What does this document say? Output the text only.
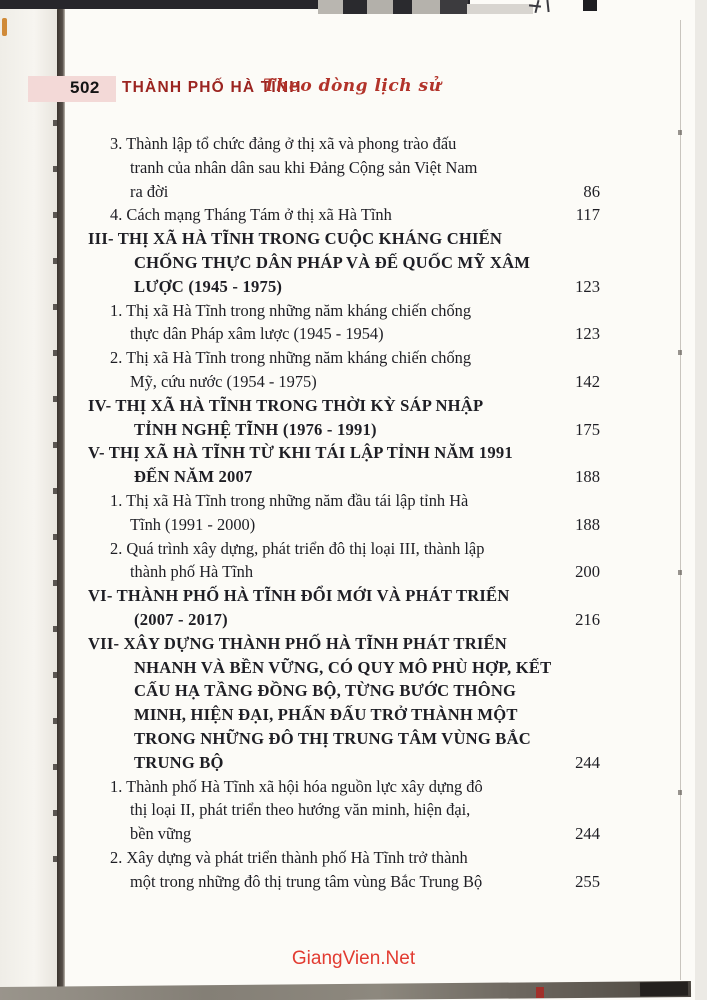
502 THÀNH PHỐ HÀ TĨNH
Theo dòng lịch sử
3. Thành lập tổ chức đảng ở thị xã và phong trào đấu
tranh của nhân dân sau khi Đảng Cộng sản Việt Nam
ra đời	86
4. Cách mạng Tháng Tám ở thị xã Hà Tĩnh	117
III- THỊ XÃ HÀ TĨNH TRONG CUỘC KHÁNG CHIẾN
CHỐNG THỰC DÂN PHÁP VÀ ĐẾ QUỐC MỸ XÂM
LƯỢC (1945 - 1975)	123
1. Thị xã Hà Tĩnh trong những năm kháng chiến chống
thực dân Pháp xâm lược (1945 - 1954)	123
2. Thị xã Hà Tĩnh trong những năm kháng chiến chống
Mỹ, cứu nước (1954 - 1975)	142
IV- THỊ XÃ HÀ TĨNH TRONG THỜI KỲ SÁP NHẬP
TỈNH NGHỆ TĨNH (1976 - 1991)	175
V- THỊ XÃ HÀ TĨNH TỪ KHI TÁI LẬP TỈNH NĂM 1991
ĐẾN NĂM 2007	188
1. Thị xã Hà Tĩnh trong những năm đầu tái lập tỉnh Hà
Tĩnh (1991 - 2000)	188
2. Quá trình xây dựng, phát triển đô thị loại III, thành lập
thành phố Hà Tĩnh	200
VI- THÀNH PHỐ HÀ TĨNH ĐỔI MỚI VÀ PHÁT TRIỂN
(2007 - 2017)	216
VII- XÂY DỰNG THÀNH PHỐ HÀ TĨNH PHÁT TRIỂN
NHANH VÀ BỀN VỮNG, CÓ QUY MÔ PHÙ HỢP, KẾT
CẤU HẠ TẦNG ĐỒNG BỘ, TỪNG BƯỚC THÔNG
MINH, HIỆN ĐẠI, PHẤN ĐẤU TRỞ THÀNH MỘT
TRONG NHỮNG ĐÔ THỊ TRUNG TÂM VÙNG BẮC
TRUNG BỘ	244
1. Thành phố Hà Tĩnh xã hội hóa nguồn lực xây dựng đô
thị loại II, phát triển theo hướng văn minh, hiện đại,
bền vững	244
2. Xây dựng và phát triển thành phố Hà Tĩnh trở thành
một trong những đô thị trung tâm vùng Bắc Trung Bộ	255
GiangVien.Net
